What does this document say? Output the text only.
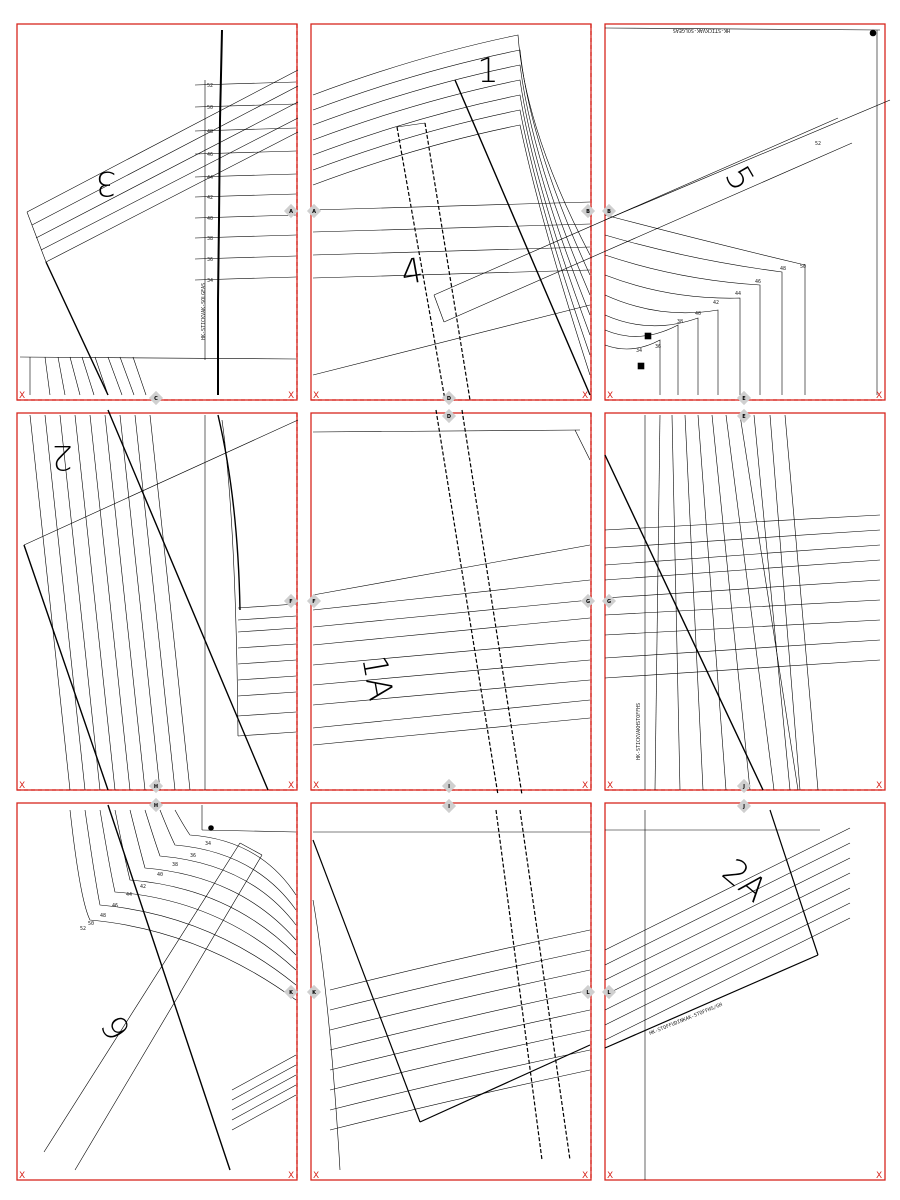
X	X X	X X	X
X	X X	X X	X
X	X X	X X	X
A	A	B	B
C	D
D
E
E
F	F	G	G
H
H
I
I
J
J
K	K	L	L
1
1A
2
2A
3
4
5
6
52
50
48
46
44
42
40
38
36
34
34
36
38
40
42
44
46
48	50
52
34
36
38
40
42
44
46
48
50
52
HK-STICKVAK-SOLGEAS
HK-STICKVAK-SOLGEAS
HK-STICKVAKHSTOFFHS
HK-STOFFUDINKAK-STOFFHS/GH
